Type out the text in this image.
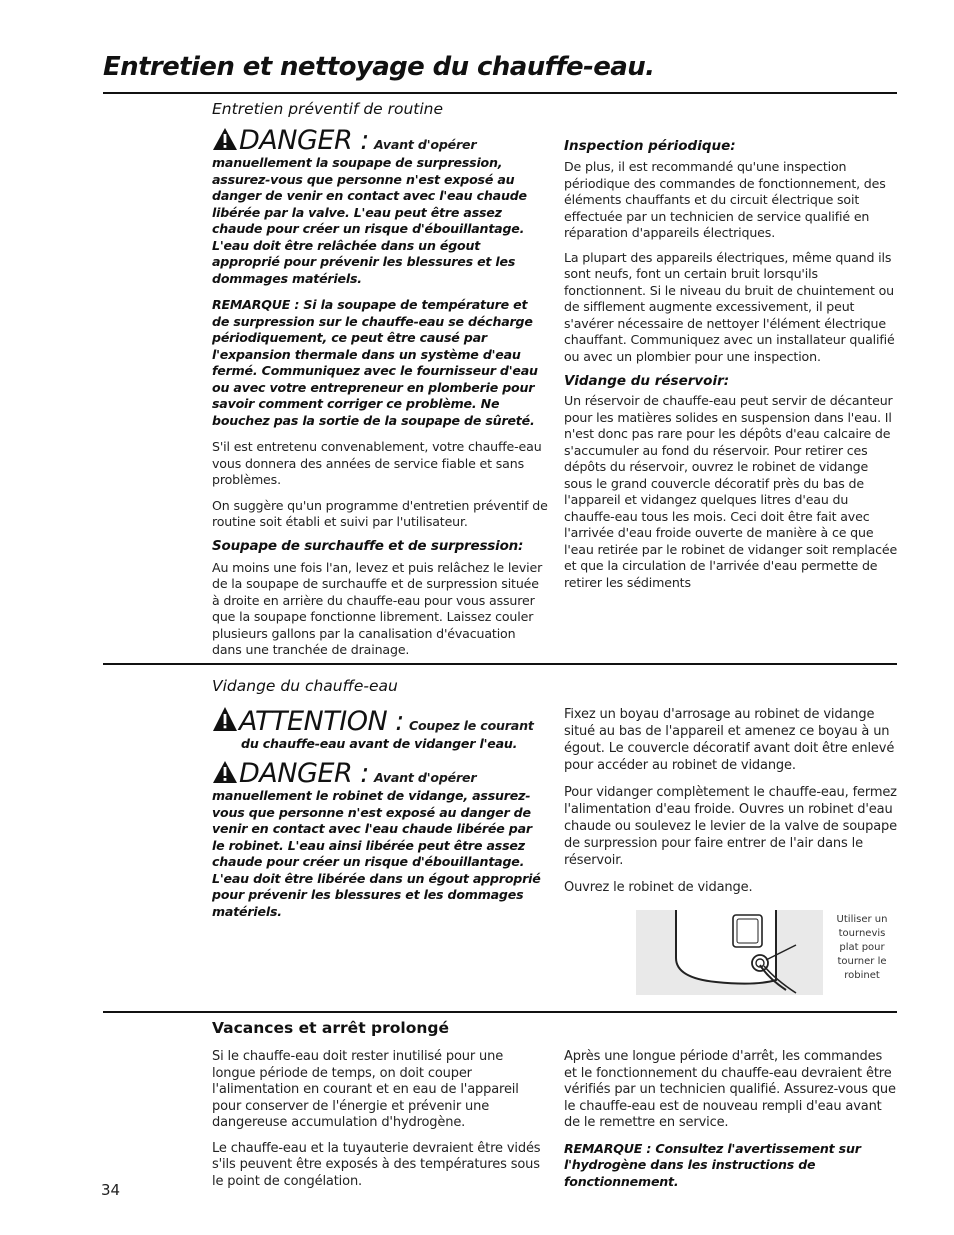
Entretien et nettoyage du chauffe-eau.
Entretien préventif de routine
DANGER : Avant d'opérer

manuellement la soupape de surpression, assurez-vous que personne n'est exposé au danger de venir en contact avec l'eau chaude libérée par la valve. L'eau peut être assez chaude pour créer un risque d'ébouillantage. L'eau doit être relâchée dans un égout approprié pour prévenir les blessures et les dommages matériels.

REMARQUE : Si la soupape de température et de surpression sur le chauffe-eau se décharge périodiquement, ce peut être causé par l'expansion thermale dans un système d'eau fermé. Communiquez avec le fournisseur d'eau ou avec votre entrepreneur en plomberie pour savoir comment corriger ce problème. Ne bouchez pas la sortie de la soupape de sûreté.

S'il est entretenu convenablement, votre chauffe-eau vous donnera des années de service fiable et sans problèmes.

On suggère qu'un programme d'entretien préventif de routine soit établi et suivi par l'utilisateur.

Soupape de surchauffe et de surpression:

Au moins une fois l'an, levez et puis relâchez le levier de la soupape de surchauffe et de surpression située à droite en arrière du chauffe-eau pour vous assurer que la soupape fonctionne librement. Laissez couler plusieurs gallons par la canalisation d'évacuation dans une tranchée de drainage.

Inspection périodique:

De plus, il est recommandé qu'une inspection périodique des commandes de fonctionnement, des éléments chauffants et du circuit électrique soit effectuée par un technicien de service qualifié en réparation d'appareils électriques.

La plupart des appareils électriques, même quand ils sont neufs, font un certain bruit lorsqu'ils fonctionnent. Si le niveau du bruit de chuintement ou de sifflement augmente excessivement, il peut s'avérer nécessaire de nettoyer l'élément électrique chauffant. Communiquez avec un installateur qualifié ou avec un plombier pour une inspection.

Vidange du réservoir:

Un réservoir de chauffe-eau peut servir de décanteur pour les matières solides en suspension dans l'eau. Il n'est donc pas rare pour les dépôts d'eau calcaire de s'accumuler au fond du réservoir. Pour retirer ces dépôts du réservoir, ouvrez le robinet de vidange sous le grand couvercle décoratif près du bas de l'appareil et vidangez quelques litres d'eau du chauffe-eau tous les mois. Ceci doit être fait avec l'arrivée d'eau froide ouverte de manière à ce que l'eau retirée par le robinet de vidanger soit remplacée et que la circulation de l'arrivée d'eau permette de retirer les sédiments

Vidange du chauffe-eau
ATTENTION : Coupez le courant

du chauffe-eau avant de vidanger l'eau.

DANGER : Avant d'opérer

manuellement le robinet de vidange, assurez-vous que personne n'est exposé au danger de venir en contact avec l'eau chaude libérée par le robinet. L'eau ainsi libérée peut être assez chaude pour créer un risque d'ébouillantage. L'eau doit être libérée dans un égout approprié pour prévenir les blessures et les dommages matériels.

Fixez un boyau d'arrosage au robinet de vidange situé au bas de l'appareil et amenez ce boyau à un égout. Le couvercle décoratif avant doit être enlevé pour accéder au robinet de vidange.

Pour vidanger complètement le chauffe-eau, fermez l'alimentation d'eau froide. Ouvres un robinet d'eau chaude ou soulevez le levier de la valve de soupape de surpression pour faire entrer de l'air dans le réservoir.

Ouvrez le robinet de vidange.

Utiliser un tournevis plat pour tourner le robinet
Vacances et arrêt prolongé

Si le chauffe-eau doit rester inutilisé pour une longue période de temps, on doit couper l'alimentation en courant et en eau de l'appareil pour conserver de l'énergie et prévenir une dangereuse accumulation d'hydrogène.

Le chauffe-eau et la tuyauterie devraient être vidés s'ils peuvent être exposés à des températures sous le point de congélation.

Après une longue période d'arrêt, les commandes et le fonctionnement du chauffe-eau devraient être vérifiés par un technicien qualifié. Assurez-vous que le chauffe-eau est de nouveau rempli d'eau avant de le remettre en service.

REMARQUE : Consultez l'avertissement sur l'hydrogène dans les instructions de fonctionnement.

34
